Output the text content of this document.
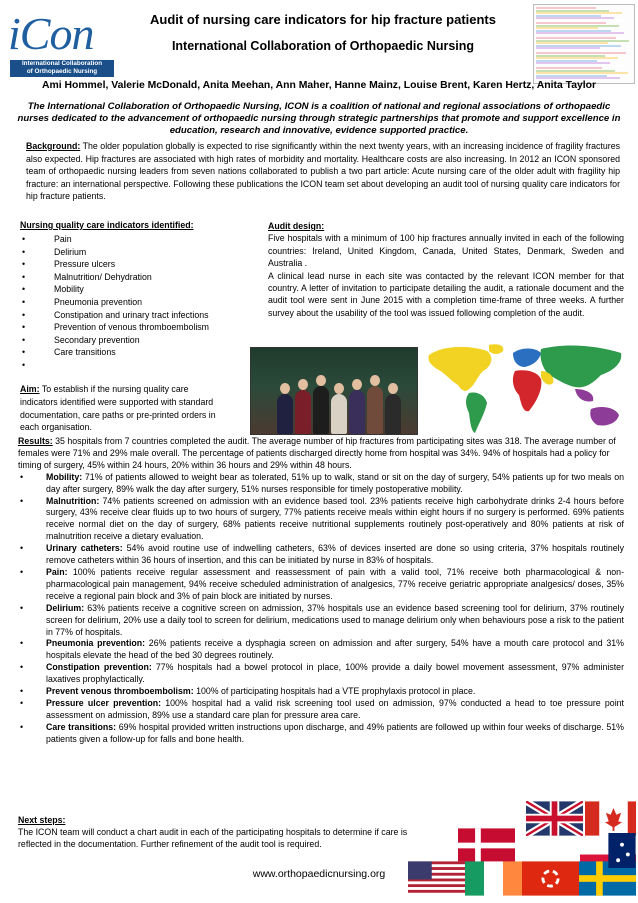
iCon
International Collaboration
of Orthopaedic Nursing
Audit of nursing care indicators for hip fracture patients
International Collaboration of Orthopaedic Nursing
Ami Hommel, Valerie McDonald, Anita Meehan, Ann Maher, Hanne Mainz, Louise Brent, Karen Hertz, Anita Taylor
The International Collaboration of Orthopaedic Nursing, ICON is a coalition of national and regional associations of orthopaedic nurses dedicated to the advancement of orthopaedic nursing through strategic partnerships that promote and support excellence in education, research and innovative, evidence supported practice.
Background: The older population globally is expected to rise significantly within the next twenty years, with an increasing incidence of fragility fractures also expected. Hip fractures are associated with high rates of morbidity and mortality. Healthcare costs are also increasing. In 2012 an ICON sponsored team of orthopaedic nursing leaders from seven nations collaborated to publish a two part article: Acute nursing care of the older adult with fragility hip fracture: an international perspective. Following these publications the ICON team set about developing an audit tool of nursing quality care indicators for hip fracture patients.
Nursing quality care indicators identified:
• Pain
• Delirium
• Pressure ulcers
• Malnutrition/ Dehydration
• Mobility
• Pneumonia prevention
• Constipation and urinary tract infections
• Prevention of venous thromboembolism
• Secondary prevention
• Care transitions
Aim: To establish if the nursing quality care indicators identified were supported with standard documentation, care paths or pre-printed orders in each organisation.
Audit design:
Five hospitals with a minimum of 100 hip fractures annually invited in each of the following countries: Ireland, United Kingdom, Canada, United States, Denmark, Sweden and Australia .
A clinical lead nurse in each site was contacted by the relevant ICON member for that country. A letter of invitation to participate detailing the audit, a rationale document and the audit tool were sent in June 2015 with a completion time-frame of three weeks. A further survey about the usability of the tool was issued following completion of the audit.

Results: 35 hospitals from 7 countries completed the audit. The average number of hip fractures from participating sites was 318. The average number of females were 71% and 29% male overall. The percentage of patients discharged directly home from hospital was 34%. 94% of hospitals had a policy for timing of surgery, 45% within 24 hours, 20% within 36 hours and 29% within 48 hours.

• Mobility: 71% of patients allowed to weight bear as tolerated, 51% up to walk, stand or sit on the day of surgery, 54% patients up for two meals on day after surgery, 89% walk the day after surgery, 51% nurses responsible for timely postoperative mobility.
• Malnutrition: 74% patients screened on admission with an evidence based tool. 23% patients receive high carbohydrate drinks 2-4 hours before surgery, 43% receive clear fluids up to two hours of surgery, 77% patients receive meals within eight hours if no surgery is performed. 69% patients receive normal diet on the day of surgery, 68% patients receive nutritional supplements routinely post-operatively and 80% patients at risk of malnutrition receive a dietary evaluation.
• Urinary catheters: 54% avoid routine use of indwelling catheters, 63% of devices inserted are done so using criteria, 37% hospitals routinely remove catheters within 36 hours of insertion, and this can be initiated by nurse in 83% of hospitals.
• Pain: 100% patients receive regular assessment and reassessment of pain with a valid tool, 71% receive both pharmacological & non-pharmacological pain management, 94% receive scheduled administration of analgesics, 77% receive geriatric appropriate analgesics/ doses, 35% receive a regional pain block and 3% of pain block are initiated by nurses.
• Delirium: 63% patients receive a cognitive screen on admission, 37% hospitals use an evidence based screening tool for delirium, 37% routinely screen for delirium, 20% use a daily tool to screen for delirium, medications used to manage delirium only when behaviours pose a risk to the patient in 77% of hospitals.
• Pneumonia prevention: 26% patients receive a dysphagia screen on admission and after surgery, 54% have a mouth care protocol and 31% hospitals elevate the head of the bed 30 degrees routinely.
• Constipation prevention: 77% hospitals had a bowel protocol in place, 100% provide a daily bowel movement assessment, 97% administer laxatives prophylactically.
• Prevent venous thromboembolism: 100% of participating hospitals had a VTE prophylaxis protocol in place.
• Pressure ulcer prevention: 100% hospital had a valid risk screening tool used on admission, 97% conducted a head to toe pressure point assessment on admission, 89% use a standard care plan for pressure area care.
• Care transitions: 69% hospital provided written instructions upon discharge, and 49% patients are followed up within four weeks of discharge. 51% patients given a follow-up for falls and bone health.
Next steps:
The ICON team will conduct a chart audit in each of the participating hospitals to determine if care is
reflected in the documentation. Further refinement of the audit tool is required.
www.orthopaedicnursing.org
